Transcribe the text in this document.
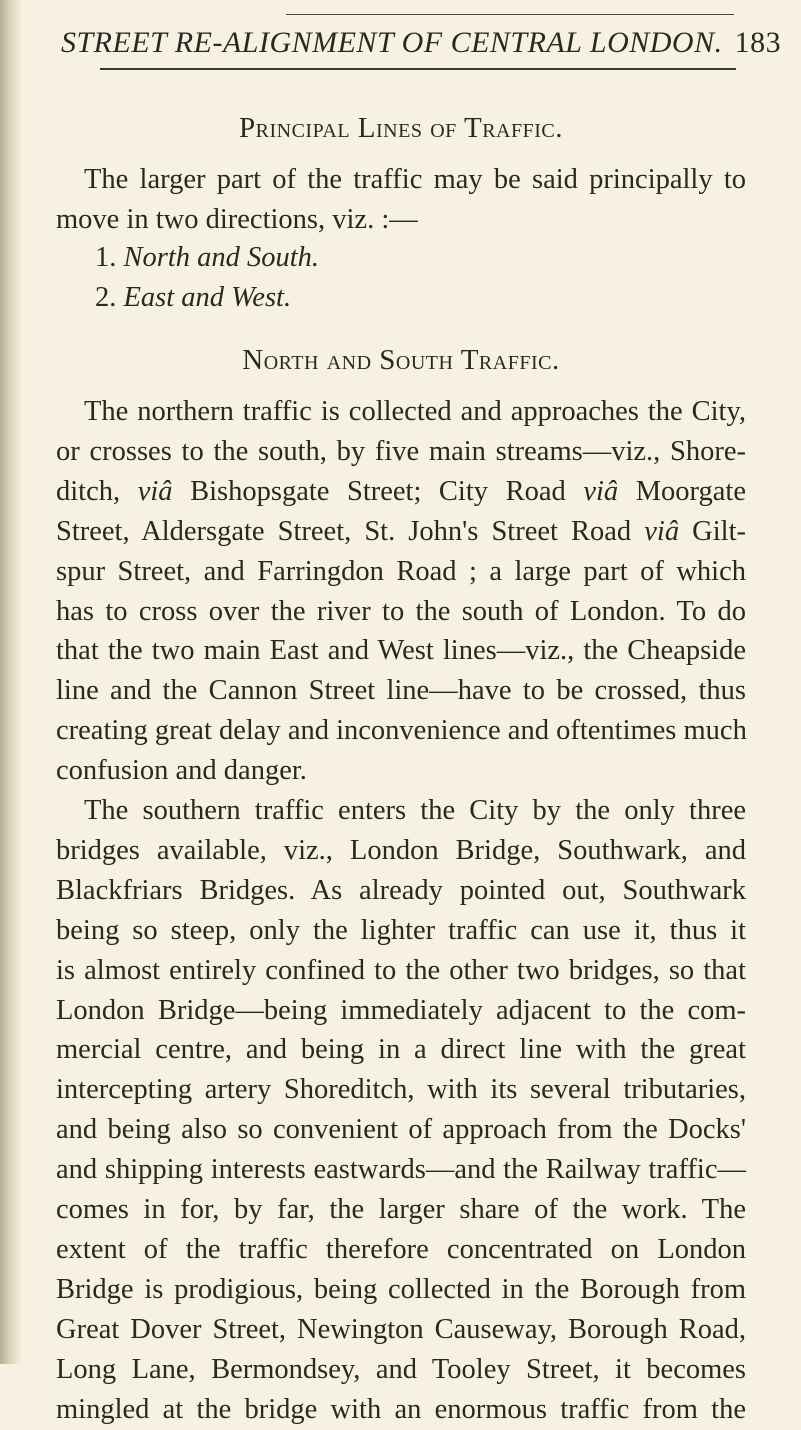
STREET RE-ALIGNMENT OF CENTRAL LONDON. 183
Principal Lines of Traffic.
The larger part of the traffic may be said principally to
move in two directions, viz. :—
1. North and South.
2. East and West.
North and South Traffic.
The northern traffic is collected and approaches the City,
or crosses to the south, by five main streams—viz., Shore-
ditch, viâ Bishopsgate Street; City Road viâ Moorgate
Street, Aldersgate Street, St. John's Street Road viâ Gilt-
spur Street, and Farringdon Road ; a large part of which
has to cross over the river to the south of London. To do
that the two main East and West lines—viz., the Cheapside
line and the Cannon Street line—have to be crossed, thus
creating great delay and inconvenience and oftentimes much
confusion and danger.
The southern traffic enters the City by the only three
bridges available, viz., London Bridge, Southwark, and
Blackfriars Bridges. As already pointed out, Southwark
being so steep, only the lighter traffic can use it, thus it
is almost entirely confined to the other two bridges, so that
London Bridge—being immediately adjacent to the com-
mercial centre, and being in a direct line with the great
intercepting artery Shoreditch, with its several tributaries,
and being also so convenient of approach from the Docks'
and shipping interests eastwards—and the Railway traffic—
comes in for, by far, the larger share of the work. The
extent of the traffic therefore concentrated on London
Bridge is prodigious, being collected in the Borough from
Great Dover Street, Newington Causeway, Borough Road,
Long Lane, Bermondsey, and Tooley Street, it becomes
mingled at the bridge with an enormous traffic from the
